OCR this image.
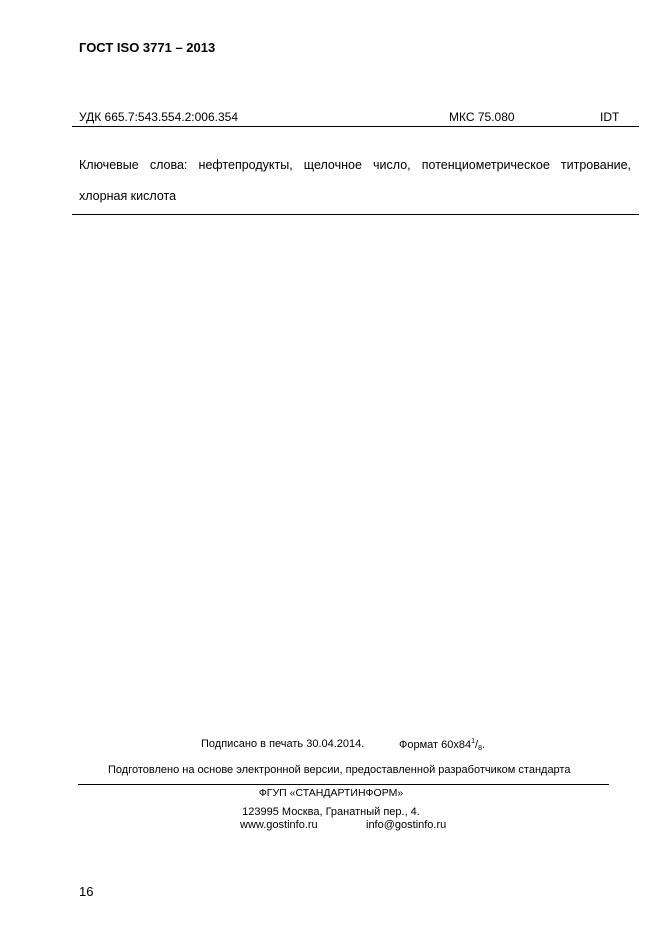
ГОСТ ISO 3771 – 2013
УДК 665.7:543.554.2:006.354	МКС 75.080	IDT
Ключевые слова: нефтепродукты, щелочное число, потенциометрическое титрование, хлорная кислота
Подписано в печать 30.04.2014.	Формат $60x84^1/_8$.
Подготовлено на основе электронной версии, предоставленной разработчиком стандарта
ФГУП «СТАНДАРТИНФОРМ»
123995 Москва, Гранатный пер., 4.
www.gostinfo.ru	info@gostinfo.ru
16
